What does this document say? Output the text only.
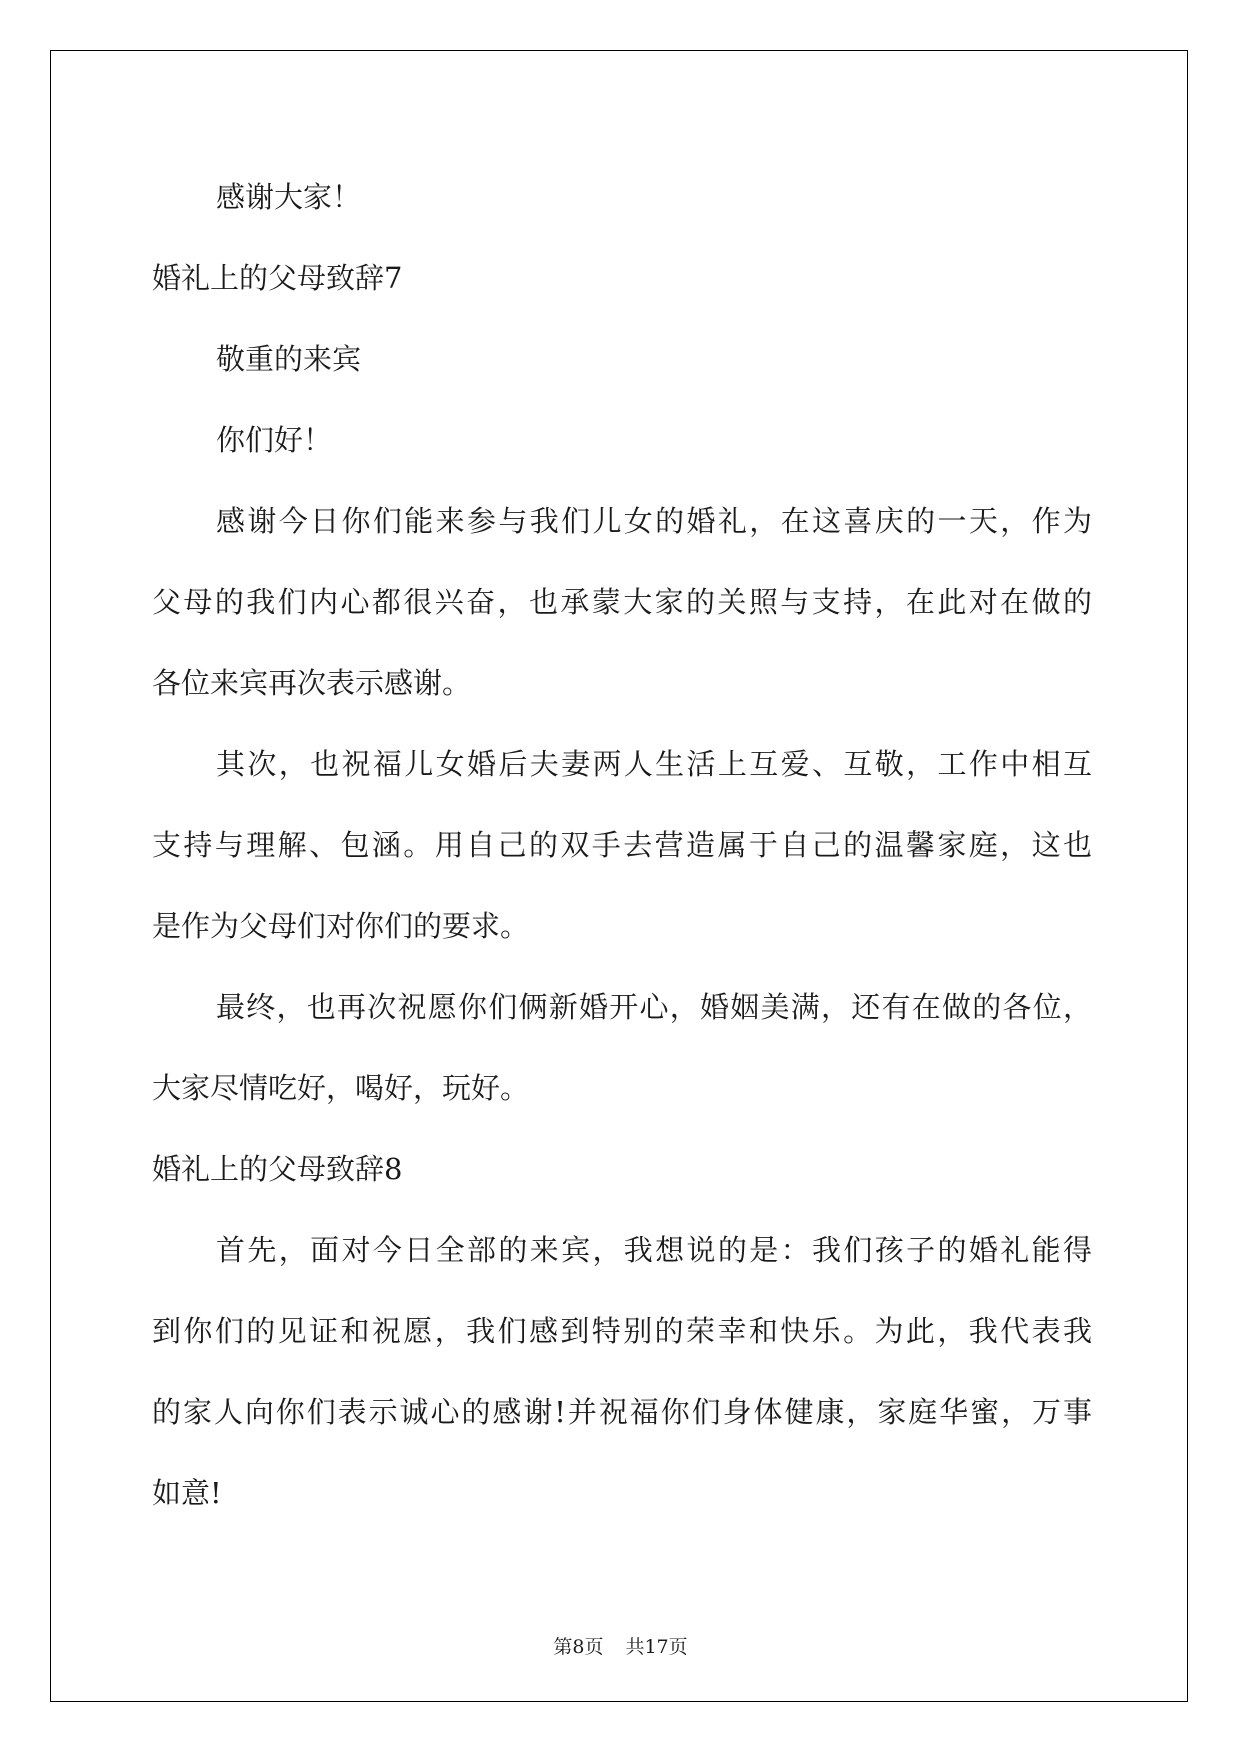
感谢大家！
婚礼上的父母致辞7
敬重的来宾
你们好！
感谢今日你们能来参与我们儿女的婚礼，在这喜庆的一天，作为
父母的我们内心都很兴奋，也承蒙大家的关照与支持，在此对在做的
各位来宾再次表示感谢。
其次，也祝福儿女婚后夫妻两人生活上互爱、互敬，工作中相互
支持与理解、包涵。用自己的双手去营造属于自己的温馨家庭，这也
是作为父母们对你们的要求。
最终，也再次祝愿你们俩新婚开心，婚姻美满，还有在做的各位，
大家尽情吃好，喝好，玩好。
婚礼上的父母致辞8
首先，面对今日全部的来宾，我想说的是：我们孩子的婚礼能得
到你们的见证和祝愿，我们感到特别的荣幸和快乐。为此，我代表我
的家人向你们表示诚心的感谢!并祝福你们身体健康，家庭华蜜，万事
如意!
第8页 共17页
